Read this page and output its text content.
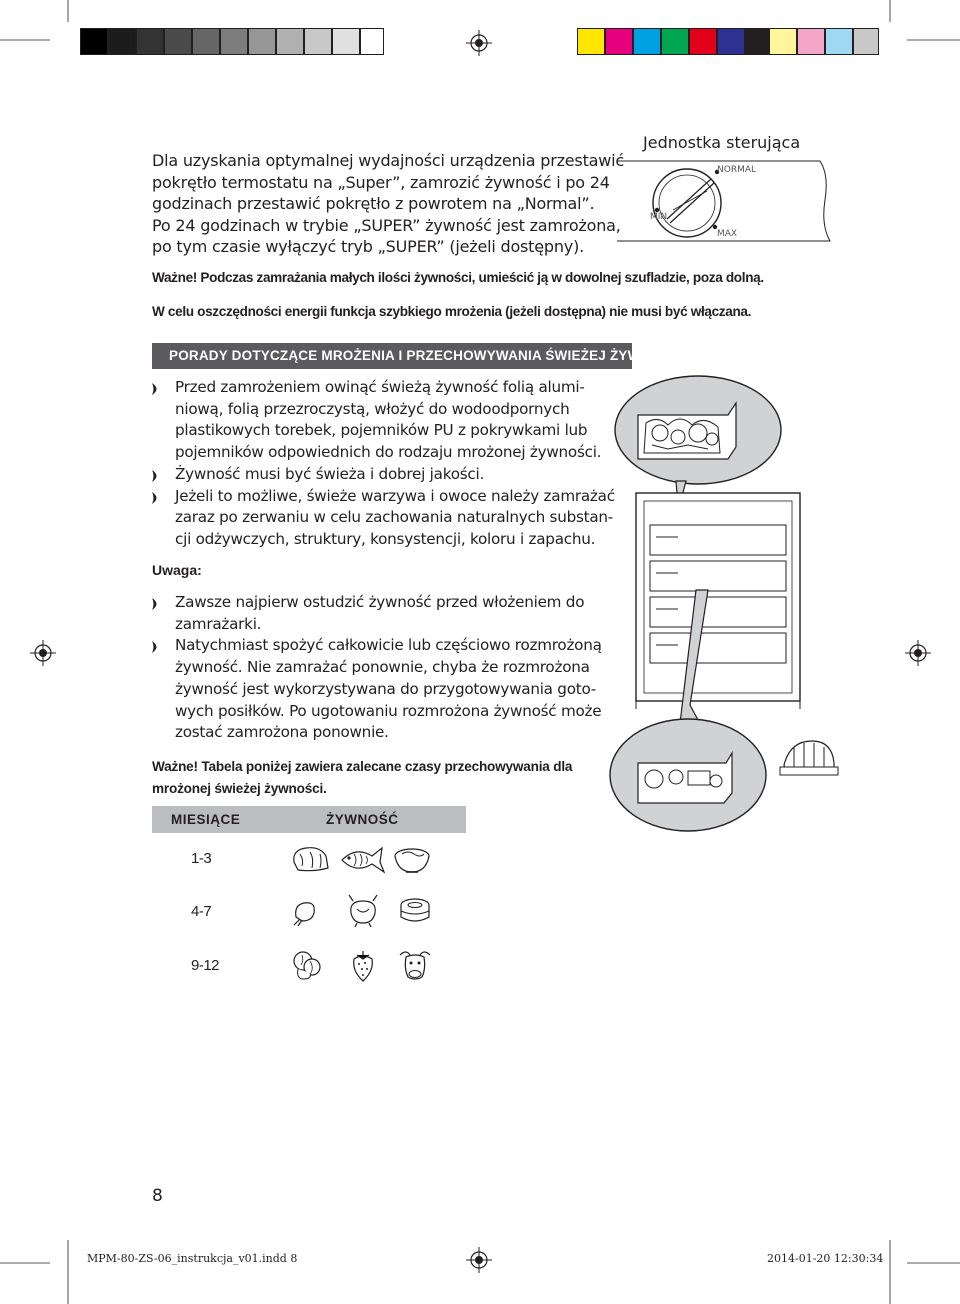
Dla uzyskania optymalnej wydajności urządzenia przestawić
pokrętło termostatu na „Super”, zamrozić żywność i po 24
godzinach przestawić pokrętło z powrotem na „Normal”.
Po 24 godzinach w trybie „SUPER” żywność jest zamrożona,
po tym czasie wyłączyć tryb „SUPER” (jeżeli dostępny).
Jednostka sterująca
NORMAL
MIN
MAX
Ważne! Podczas zamrażania małych ilości żywności, umieścić ją w dowolnej szufladzie, poza dolną.
W celu oszczędności energii funkcja szybkiego mrożenia (jeżeli dostępna) nie musi być włączana.
PORADY DOTYCZĄCE MROŻENIA I PRZECHOWYWANIA ŚWIEŻEJ ŻYWNOŚCI
Przed zamrożeniem owinąć świeżą żywność folią alumi-
niową, folią przezroczystą, włożyć do wodoodpornych
plastikowych torebek, pojemników PU z pokrywkami lub
pojemników odpowiednich do rodzaju mrożonej żywności.
Żywność musi być świeża i dobrej jakości.
Jeżeli to możliwe, świeże warzywa i owoce należy zamrażać
zaraz po zerwaniu w celu zachowania naturalnych substan-
cji odżywczych, struktury, konsystencji, koloru i zapachu.
Uwaga:
Zawsze najpierw ostudzić żywność przed włożeniem do
zamrażarki.
Natychmiast spożyć całkowicie lub częściowo rozmrożoną
żywność. Nie zamrażać ponownie, chyba że rozmrożona
żywność jest wykorzystywana do przygotowywania goto-
wych posiłków. Po ugotowaniu rozmrożona żywność może
zostać zamrożona ponownie.
Ważne! Tabela poniżej zawiera zalecane czasy przechowywania dla
mrożonej świeżej żywności.
MIESIĄCE	ŻYWNOŚĆ
1-3
4-7
9-12
8
MPM-80-ZS-06_instrukcja_v01.indd 8	2014-01-20 12:30:34
